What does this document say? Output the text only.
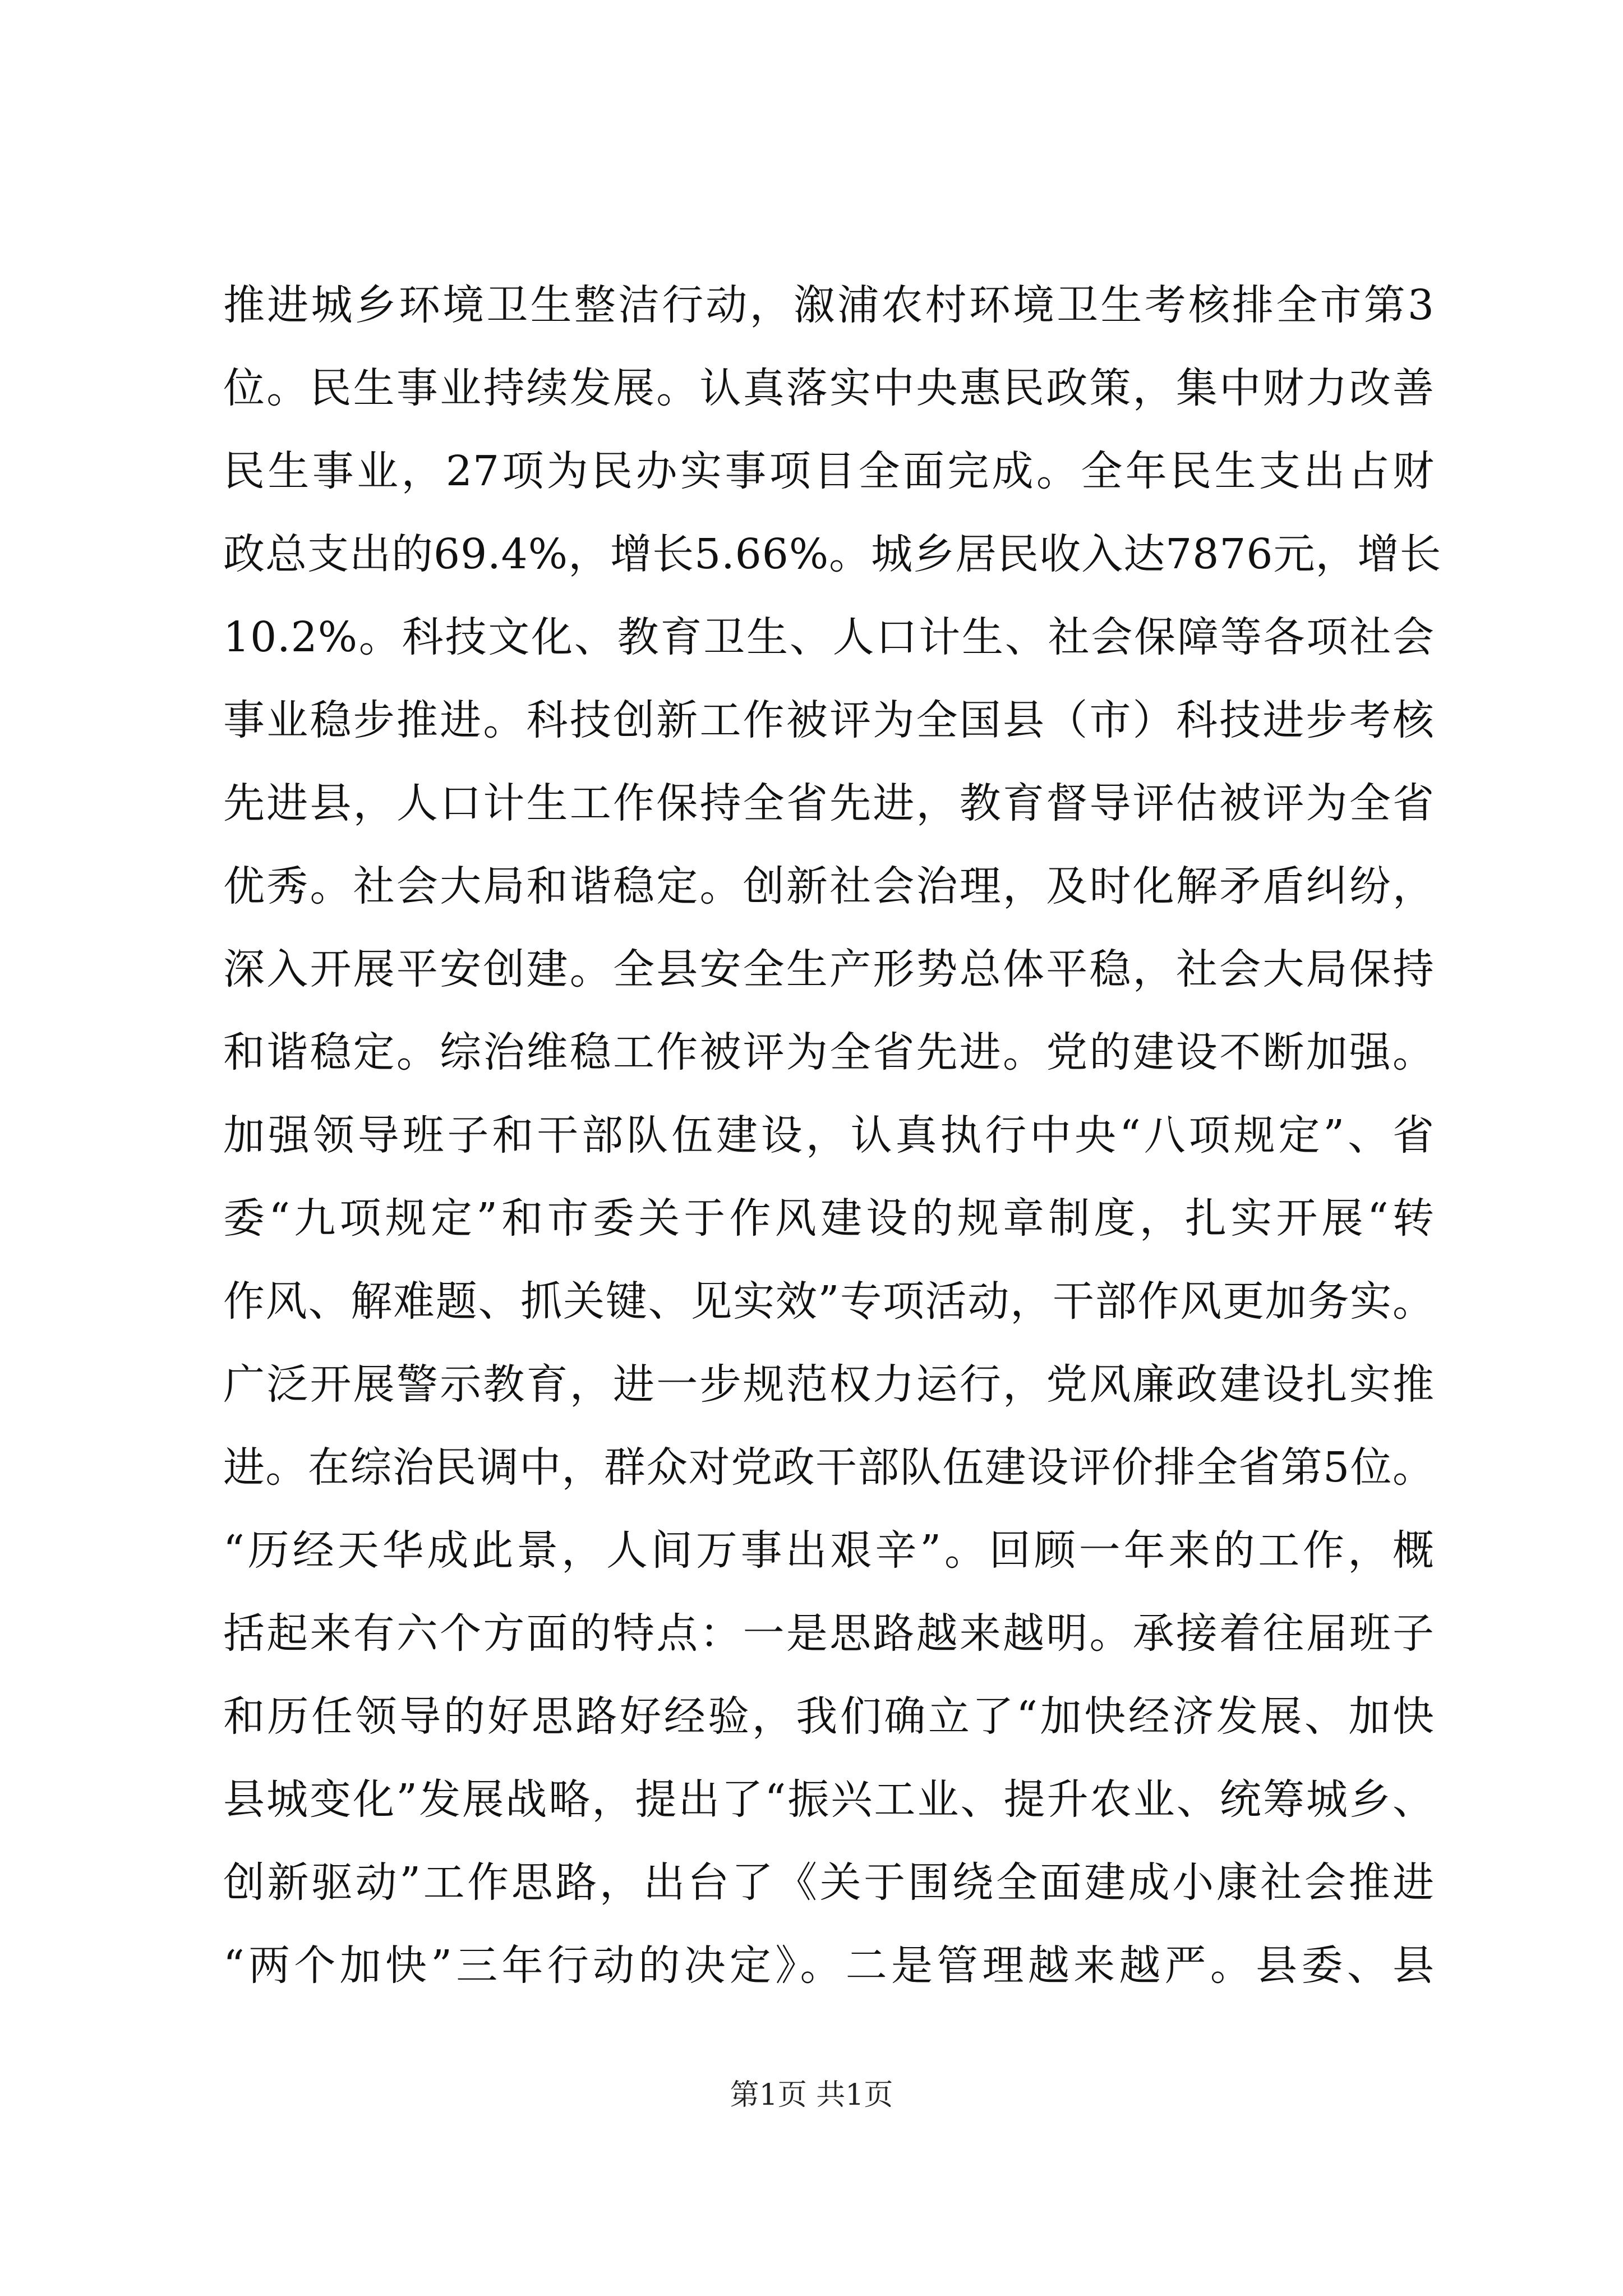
推进城乡环境卫生整洁行动，溆浦农村环境卫生考核排全市第3
位。民生事业持续发展。认真落实中央惠民政策，集中财力改善
民生事业，27项为民办实事项目全面完成。全年民生支出占财
政总支出的69.4%，增长5.66%。城乡居民收入达7876元，增长
10.2%。科技文化、教育卫生、人口计生、社会保障等各项社会
事业稳步推进。科技创新工作被评为全国县（市）科技进步考核
先进县，人口计生工作保持全省先进，教育督导评估被评为全省
优秀。社会大局和谐稳定。创新社会治理，及时化解矛盾纠纷，
深入开展平安创建。全县安全生产形势总体平稳，社会大局保持
和谐稳定。综治维稳工作被评为全省先进。党的建设不断加强。
加强领导班子和干部队伍建设，认真执行中央“八项规定”、省
委“九项规定”和市委关于作风建设的规章制度，扎实开展“转
作风、解难题、抓关键、见实效”专项活动，干部作风更加务实。
广泛开展警示教育，进一步规范权力运行，党风廉政建设扎实推
进。在综治民调中，群众对党政干部队伍建设评价排全省第5位。
“历经天华成此景，人间万事出艰辛”。回顾一年来的工作，概
括起来有六个方面的特点：一是思路越来越明。承接着往届班子
和历任领导的好思路好经验，我们确立了“加快经济发展、加快
县城变化”发展战略，提出了“振兴工业、提升农业、统筹城乡、
创新驱动”工作思路，出台了《关于围绕全面建成小康社会推进
“两个加快”三年行动的决定》。二是管理越来越严。县委、县
第1页 共1页
